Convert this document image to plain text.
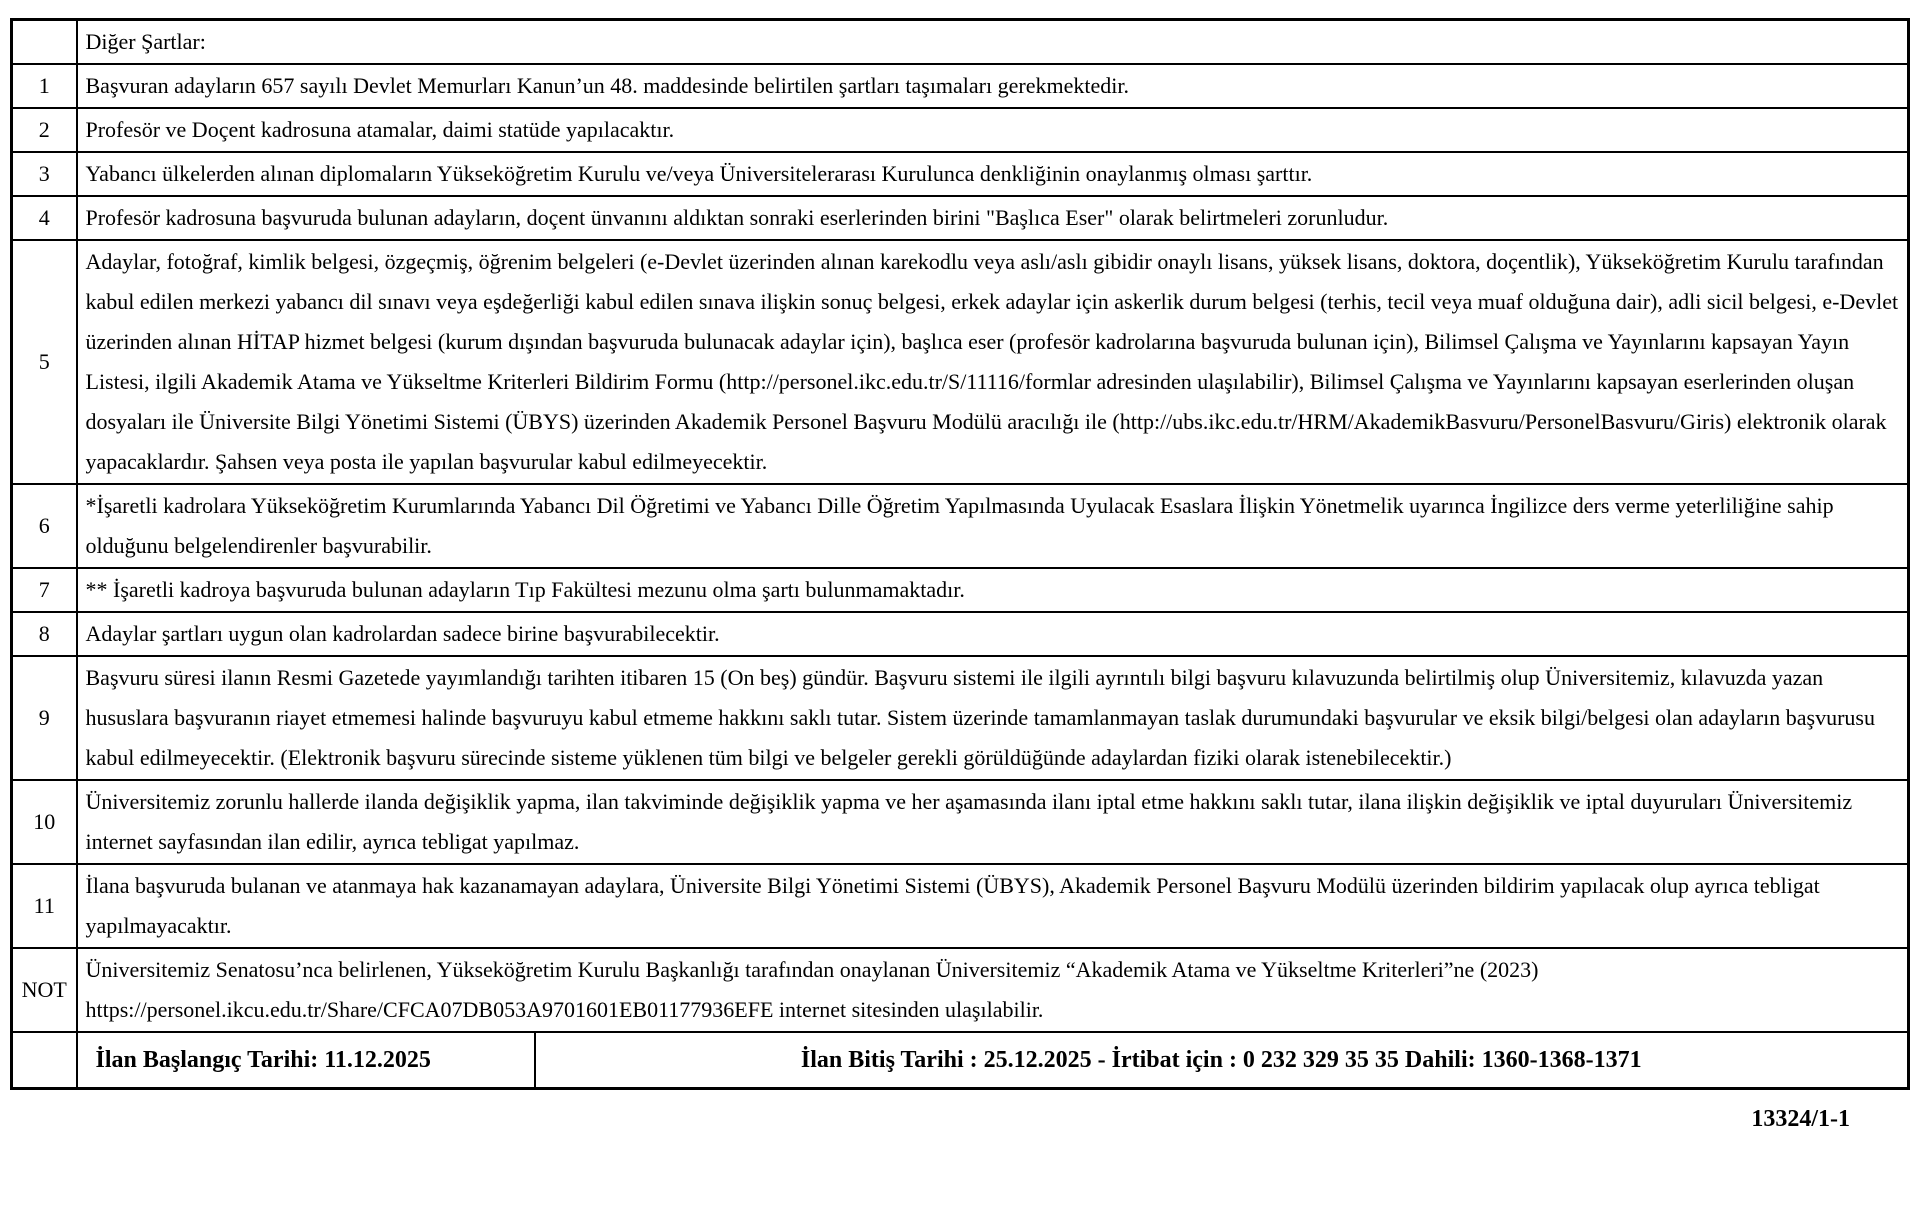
	Diğer Şartlar:	
1	Başvuran adayların 657 sayılı Devlet Memurları Kanun’un 48. maddesinde belirtilen şartları taşımaları gerekmektedir.	
2	Profesör ve Doçent kadrosuna atamalar, daimi statüde yapılacaktır.	
3	Yabancı ülkelerden alınan diplomaların Yükseköğretim Kurulu ve/veya Üniversitelerarası Kurulunca denkliğinin onaylanmış olması şarttır.	
4	Profesör kadrosuna başvuruda bulunan adayların, doçent ünvanını aldıktan sonraki eserlerinden birini "Başlıca Eser" olarak belirtmeleri zorunludur.	
5	Adaylar, fotoğraf, kimlik belgesi, özgeçmiş, öğrenim belgeleri (e-Devlet üzerinden alınan karekodlu veya aslı/aslı gibidir onaylı lisans, yüksek lisans, doktora, doçentlik), Yükseköğretim Kurulu tarafından kabul edilen merkezi yabancı dil sınavı veya eşdeğerliği kabul edilen sınava ilişkin sonuç belgesi, erkek adaylar için askerlik durum belgesi (terhis, tecil veya muaf olduğuna dair), adli sicil belgesi, e-Devlet üzerinden alınan HİTAP hizmet belgesi (kurum dışından başvuruda bulunacak adaylar için), başlıca eser (profesör kadrolarına başvuruda bulunan için), Bilimsel Çalışma ve Yayınlarını kapsayan Yayın Listesi, ilgili Akademik Atama ve Yükseltme Kriterleri Bildirim Formu (http://personel.ikc.edu.tr/S/11116/formlar adresinden ulaşılabilir), Bilimsel Çalışma ve Yayınlarını kapsayan eserlerinden oluşan dosyaları ile Üniversite Bilgi Yönetimi Sistemi (ÜBYS) üzerinden Akademik Personel Başvuru Modülü aracılığı ile (http://ubs.ikc.edu.tr/HRM/AkademikBasvuru/PersonelBasvuru/Giris) elektronik olarak yapacaklardır. Şahsen veya posta ile yapılan başvurular kabul edilmeyecektir.	
6	*İşaretli kadrolara Yükseköğretim Kurumlarında Yabancı Dil Öğretimi ve Yabancı Dille Öğretim Yapılmasında Uyulacak Esaslara İlişkin Yönetmelik uyarınca İngilizce ders verme yeterliliğine sahip olduğunu belgelendirenler başvurabilir.	
7	** İşaretli kadroya başvuruda bulunan adayların Tıp Fakültesi mezunu olma şartı bulunmamaktadır.	
8	Adaylar şartları uygun olan kadrolardan sadece birine başvurabilecektir.	
9	Başvuru süresi ilanın Resmi Gazetede yayımlandığı tarihten itibaren 15 (On beş) gündür. Başvuru sistemi ile ilgili ayrıntılı bilgi başvuru kılavuzunda belirtilmiş olup Üniversitemiz, kılavuzda yazan hususlara başvuranın riayet etmemesi halinde başvuruyu kabul etmeme hakkını saklı tutar. Sistem üzerinde tamamlanmayan taslak durumundaki başvurular ve eksik bilgi/belgesi olan adayların başvurusu kabul edilmeyecektir. (Elektronik başvuru sürecinde sisteme yüklenen tüm bilgi ve belgeler gerekli görüldüğünde adaylardan fiziki olarak istenebilecektir.)	
10	Üniversitemiz zorunlu hallerde ilanda değişiklik yapma, ilan takviminde değişiklik yapma ve her aşamasında ilanı iptal etme hakkını saklı tutar, ilana ilişkin değişiklik ve iptal duyuruları Üniversitemiz internet sayfasından ilan edilir, ayrıca tebligat yapılmaz.	
11	İlana başvuruda bulanan ve atanmaya hak kazanamayan adaylara, Üniversite Bilgi Yönetimi Sistemi (ÜBYS), Akademik Personel Başvuru Modülü üzerinden bildirim yapılacak olup ayrıca tebligat yapılmayacaktır.	
NOT	Üniversitemiz Senatosu’nca belirlenen, Yükseköğretim Kurulu Başkanlığı tarafından onaylanan Üniversitemiz “Akademik Atama ve Yükseltme Kriterleri”ne (2023) https://personel.ikcu.edu.tr/Share/CFCA07DB053A9701601EB01177936EFE internet sitesinden ulaşılabilir.	
	İlan Başlangıç Tarihi: 11.12.2025	İlan Bitiş Tarihi : 25.12.2025 - İrtibat için : 0 232 329 35 35 Dahili: 1360-1368-1371
13324/1-1
